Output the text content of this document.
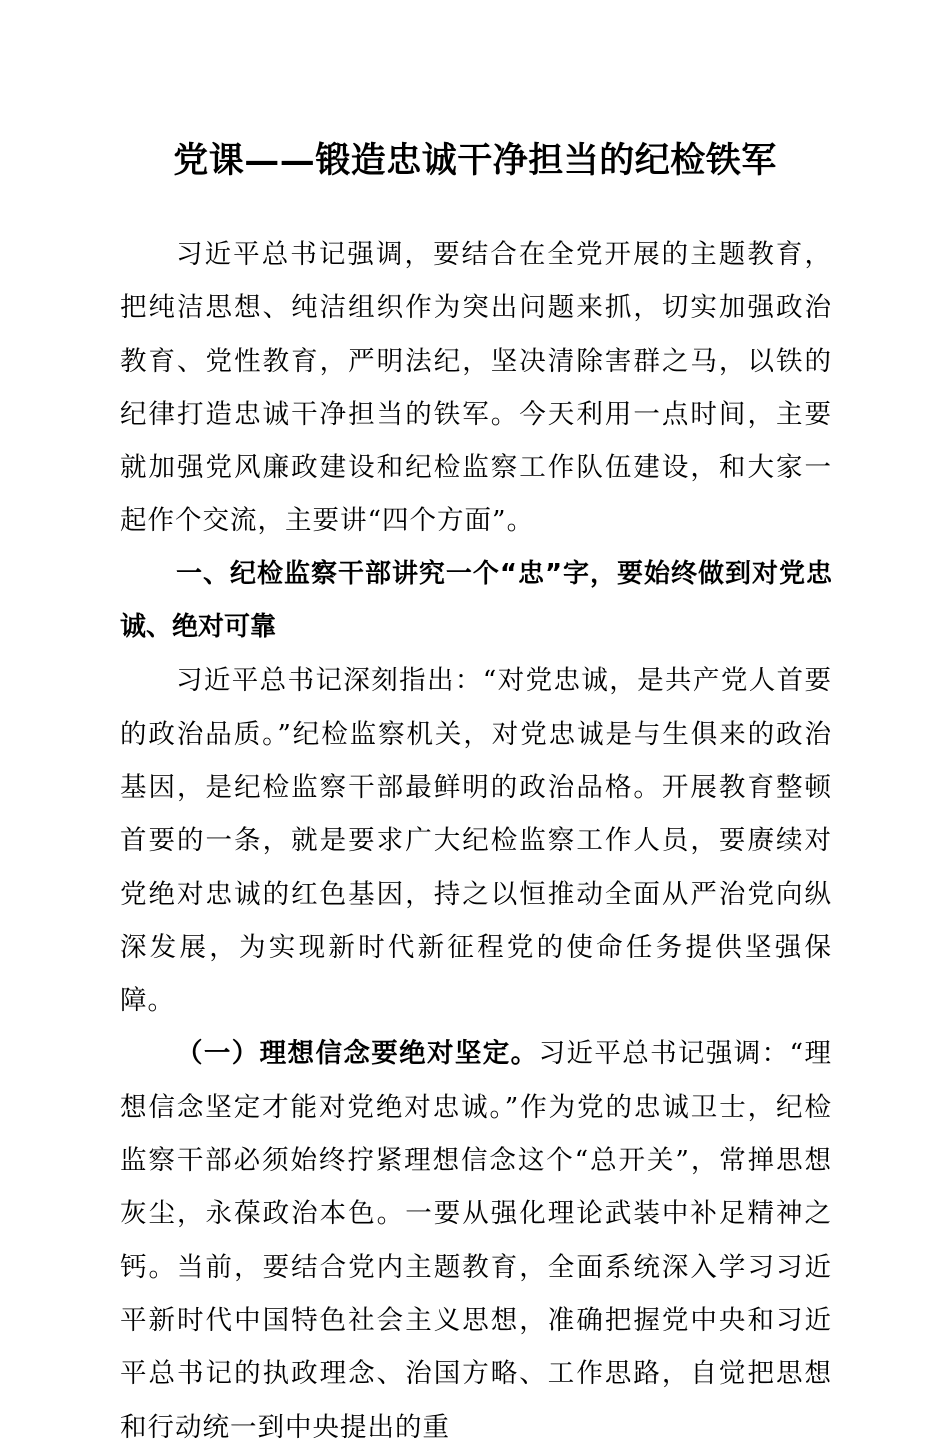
党课——锻造忠诚干净担当的纪检铁军

习近平总书记强调，要结合在全党开展的主题教育，把纯洁思想、纯洁组织作为突出问题来抓，切实加强政治教育、党性教育，严明法纪，坚决清除害群之马，以铁的纪律打造忠诚干净担当的铁军。今天利用一点时间，主要就加强党风廉政建设和纪检监察工作队伍建设，和大家一起作个交流，主要讲“四个方面”。

一、纪检监察干部讲究一个“忠”字，要始终做到对党忠诚、绝对可靠

习近平总书记深刻指出：“对党忠诚，是共产党人首要的政治品质。”纪检监察机关，对党忠诚是与生俱来的政治基因，是纪检监察干部最鲜明的政治品格。开展教育整顿首要的一条，就是要求广大纪检监察工作人员，要赓续对党绝对忠诚的红色基因，持之以恒推动全面从严治党向纵深发展，为实现新时代新征程党的使命任务提供坚强保障。

（一）理想信念要绝对坚定。习近平总书记强调：“理想信念坚定才能对党绝对忠诚。”作为党的忠诚卫士，纪检监察干部必须始终拧紧理想信念这个“总开关”，常掸思想灰尘，永葆政治本色。一要从强化理论武装中补足精神之钙。当前，要结合党内主题教育，全面系统深入学习习近平新时代中国特色社会主义思想，准确把握党中央和习近平总书记的执政理念、治国方略、工作思路，自觉把思想和行动统一到中央提出的重
